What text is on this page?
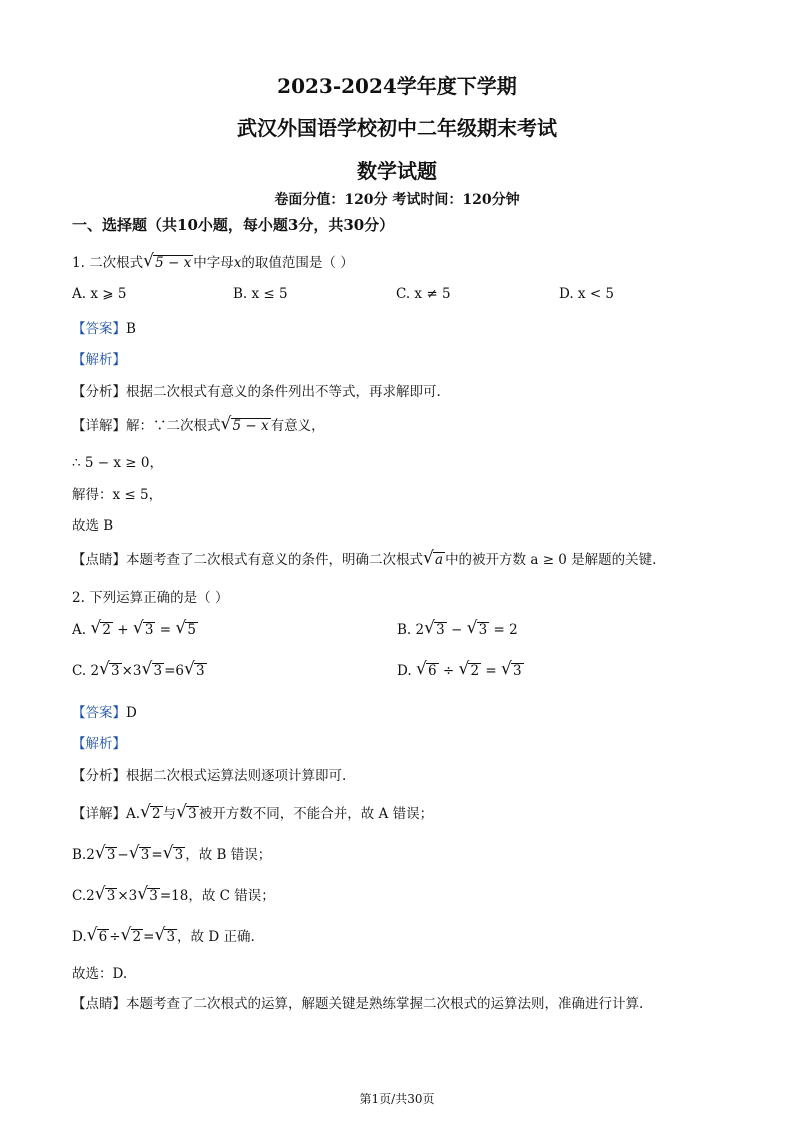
2023-2024学年度下学期
武汉外国语学校初中二年级期末考试
数学试题
卷面分值：120分 考试时间：120分钟
一、选择题（共10小题，每小题3分，共30分）
1. 二次根式 √ 5 − x 中字母x的取值范围是（ ）
A. x ⩾ 5	B. x ≤ 5	C. x ≠ 5	D. x < 5
【答案】B
【解析】
【分析】根据二次根式有意义的条件列出不等式，再求解即可.
【详解】解：∵二次根式 √ 5 − x 有意义，
∴ 5 − x ≥ 0，
解得：x ≤ 5，
故选 B
【点睛】本题考查了二次根式有意义的条件，明确二次根式 √ a 中的被开方数 a ≥ 0 是解题的关键.
2. 下列运算正确的是（ ）
A. √ 2 + √ 3 = √ 5	B. 2 √ 3 − √ 3 = 2
C. 2 √ 3 ×3 √ 3 =6 √ 3	D. √ 6 ÷ √ 2 = √ 3
【答案】D
【解析】
【分析】根据二次根式运算法则逐项计算即可.
【详解】A. √ 2 与 √ 3 被开方数不同，不能合并，故 A 错误；
B.2 √ 3 − √ 3 = √ 3 ，故 B 错误；
C.2 √ 3 ×3 √ 3 =18，故 C 错误；
D. √ 6 ÷ √ 2 = √ 3 ，故 D 正确.
故选：D.
【点睛】本题考查了二次根式的运算，解题关键是熟练掌握二次根式的运算法则，准确进行计算.
第1页/共30页
